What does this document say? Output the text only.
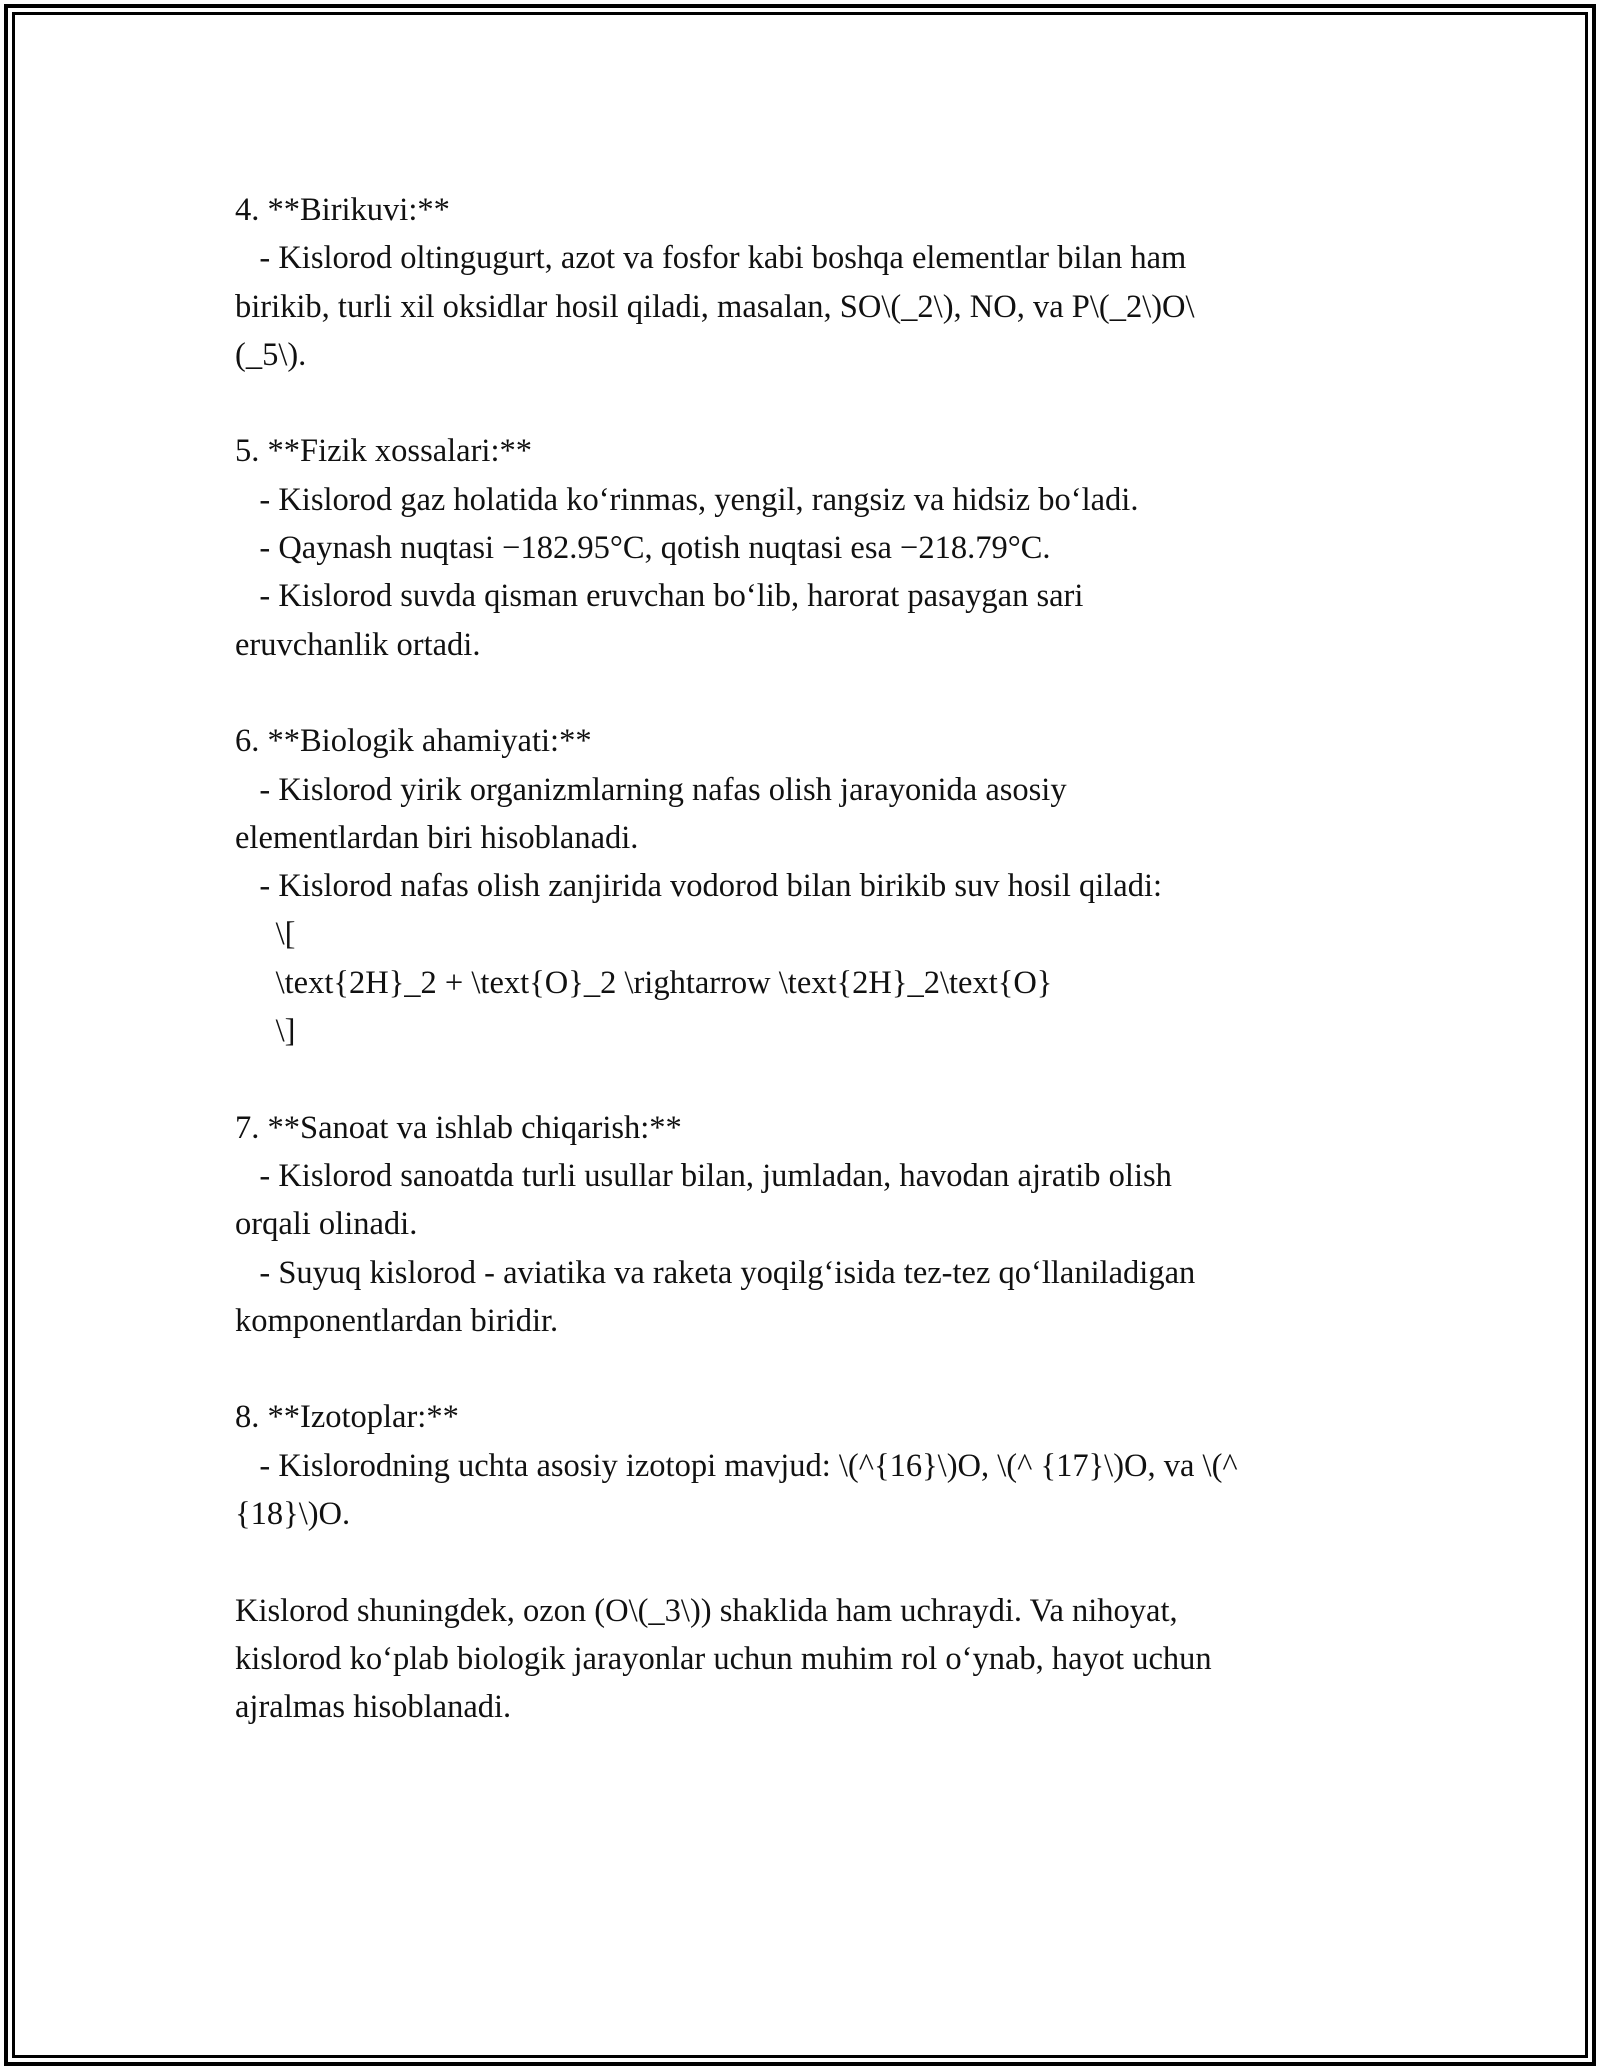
4. **Birikuvi:**
- Kislorod oltingugurt, azot va fosfor kabi boshqa elementlar bilan ham
birikib, turli xil oksidlar hosil qiladi, masalan, SO\(_2\), NO, va P\(_2\)O\
(_5\).
5. **Fizik xossalari:**
- Kislorod gaz holatida ko‘rinmas, yengil, rangsiz va hidsiz bo‘ladi.
- Qaynash nuqtasi −182.95°C, qotish nuqtasi esa −218.79°C.
- Kislorod suvda qisman eruvchan bo‘lib, harorat pasaygan sari
eruvchanlik ortadi.
6. **Biologik ahamiyati:**
- Kislorod yirik organizmlarning nafas olish jarayonida asosiy
elementlardan biri hisoblanadi.
- Kislorod nafas olish zanjirida vodorod bilan birikib suv hosil qiladi:
\[
\text{2H}_2 + \text{O}_2 \rightarrow \text{2H}_2\text{O}
\]
7. **Sanoat va ishlab chiqarish:**
- Kislorod sanoatda turli usullar bilan, jumladan, havodan ajratib olish
orqali olinadi.
- Suyuq kislorod - aviatika va raketa yoqilg‘isida tez-tez qo‘llaniladigan
komponentlardan biridir.
8. **Izotoplar:**
- Kislorodning uchta asosiy izotopi mavjud: \(^{16}\)O, \(^ {17}\)O, va \(^
{18}\)O.
Kislorod shuningdek, ozon (O\(_3\)) shaklida ham uchraydi. Va nihoyat,
kislorod ko‘plab biologik jarayonlar uchun muhim rol o‘ynab, hayot uchun
ajralmas hisoblanadi.
